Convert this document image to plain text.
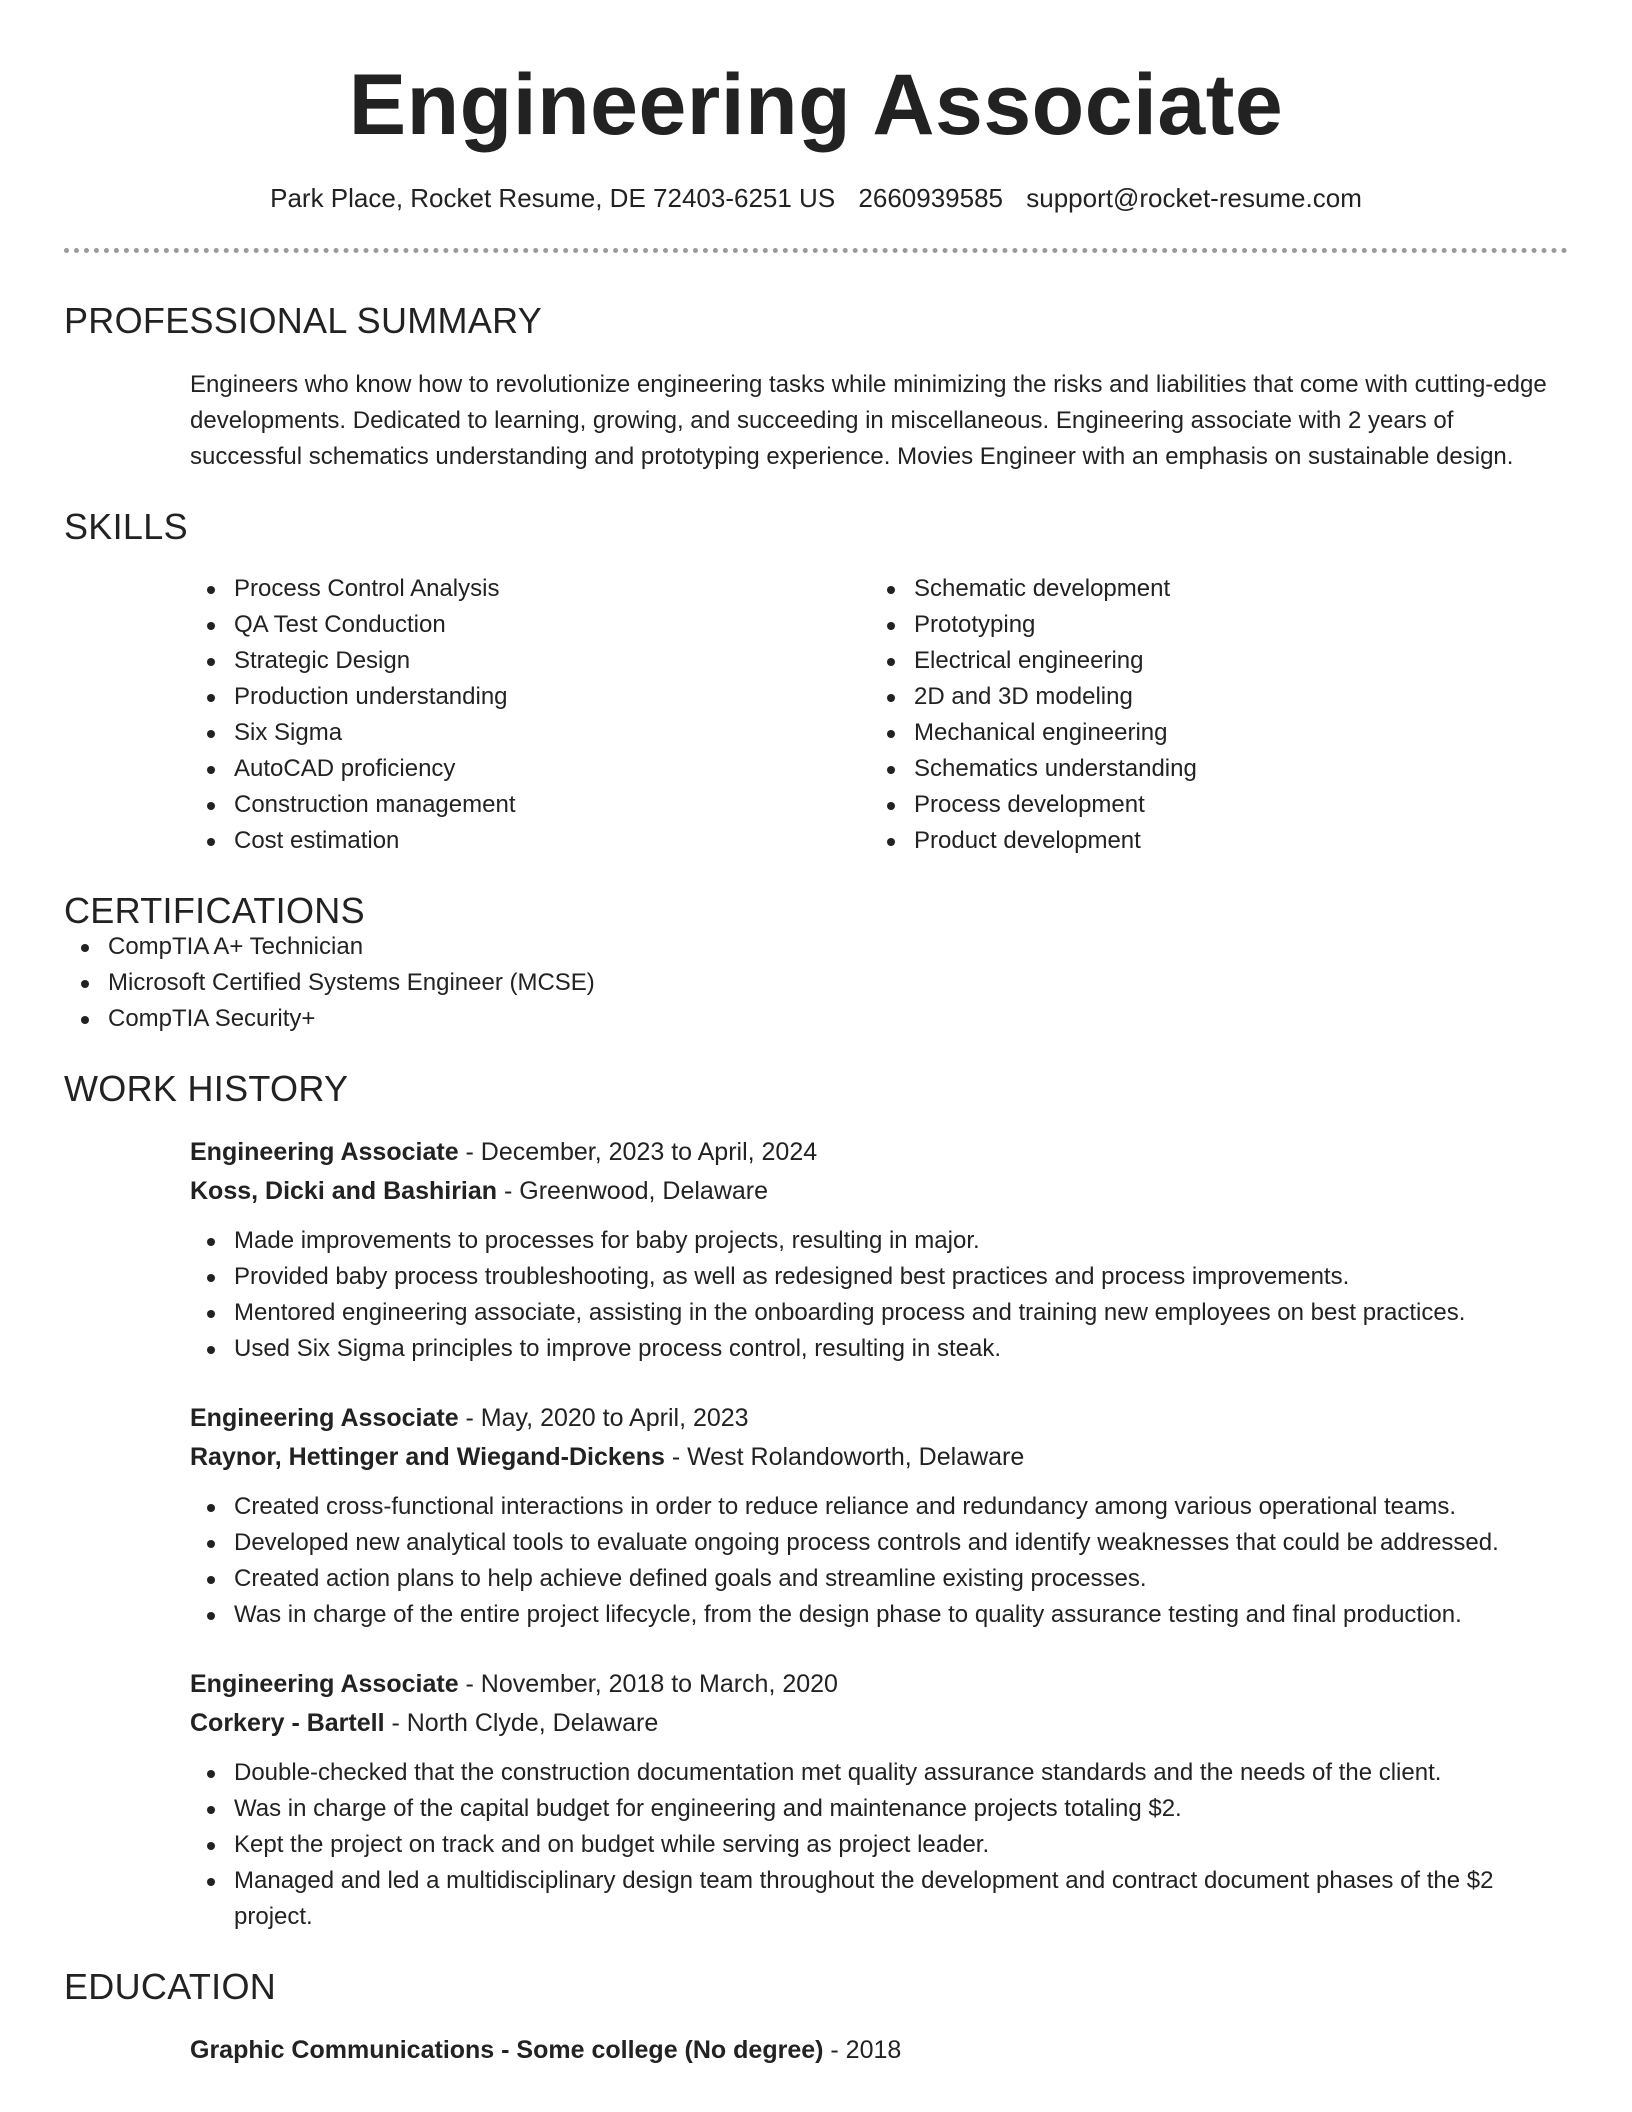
Engineering Associate
Park Place, Rocket Resume, DE 72403-6251 US 2660939585 support@rocket-resume.com
PROFESSIONAL SUMMARY

Engineers who know how to revolutionize engineering tasks while minimizing the risks and liabilities that come with cutting-edge developments. Dedicated to learning, growing, and succeeding in miscellaneous. Engineering associate with 2 years of successful schematics understanding and prototyping experience. Movies Engineer with an emphasis on sustainable design.

SKILLS
Process Control Analysis
QA Test Conduction
Strategic Design
Production understanding
Six Sigma
AutoCAD proficiency
Construction management
Cost estimation
Schematic development
Prototyping
Electrical engineering
2D and 3D modeling
Mechanical engineering
Schematics understanding
Process development
Product development
CERTIFICATIONS
CompTIA A+ Technician
Microsoft Certified Systems Engineer (MCSE)
CompTIA Security+
WORK HISTORY
Engineering Associate - December, 2023 to April, 2024
Koss, Dicki and Bashirian - Greenwood, Delaware
Made improvements to processes for baby projects, resulting in major.
Provided baby process troubleshooting, as well as redesigned best practices and process improvements.
Mentored engineering associate, assisting in the onboarding process and training new employees on best practices.
Used Six Sigma principles to improve process control, resulting in steak.
Engineering Associate - May, 2020 to April, 2023
Raynor, Hettinger and Wiegand-Dickens - West Rolandoworth, Delaware
Created cross-functional interactions in order to reduce reliance and redundancy among various operational teams.
Developed new analytical tools to evaluate ongoing process controls and identify weaknesses that could be addressed.
Created action plans to help achieve defined goals and streamline existing processes.
Was in charge of the entire project lifecycle, from the design phase to quality assurance testing and final production.
Engineering Associate - November, 2018 to March, 2020
Corkery - Bartell - North Clyde, Delaware
Double-checked that the construction documentation met quality assurance standards and the needs of the client.
Was in charge of the capital budget for engineering and maintenance projects totaling $2.
Kept the project on track and on budget while serving as project leader.
Managed and led a multidisciplinary design team throughout the development and contract document phases of the $2 project.
EDUCATION
Graphic Communications - Some college (No degree) - 2018
